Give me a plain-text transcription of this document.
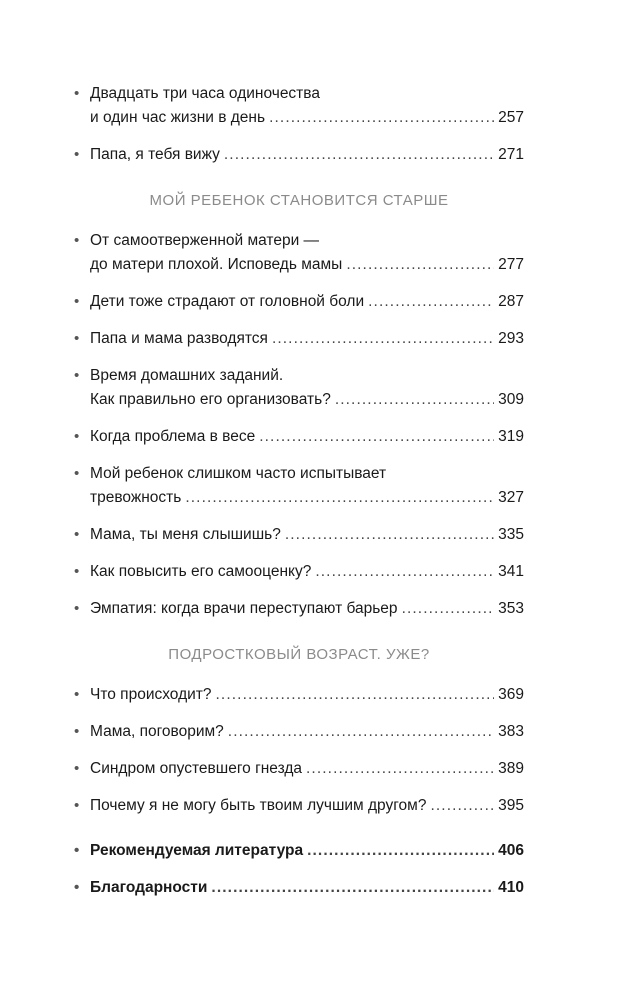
• Двадцать три часа одиночества
и один час жизни в день . . .	257
• Папа, я тебя вижу . . .	271
МОЙ РЕБЕНОК СТАНОВИТСЯ СТАРШЕ
• От самоотверженной матери —
до матери плохой. Исповедь мамы . . .	277
• Дети тоже страдают от головной боли . . .	287
• Папа и мама разводятся . . .	293
• Время домашних заданий.
Как правильно его организовать? . . .	309
• Когда проблема в весе . . .	319
• Мой ребенок слишком часто испытывает
тревожность . . .	327
• Мама, ты меня слышишь? . . .	335
• Как повысить его самооценку? . . .	341
• Эмпатия: когда врачи переступают барьер . . .	353
ПОДРОСТКОВЫЙ ВОЗРАСТ. УЖЕ?
• Что происходит? . . .	369
• Мама, поговорим? . . .	383
• Синдром опустевшего гнезда . . .	389
• Почему я не могу быть твоим лучшим другом? . . .	395
• Рекомендуемая литература . . .	406
• Благодарности . . .	410
